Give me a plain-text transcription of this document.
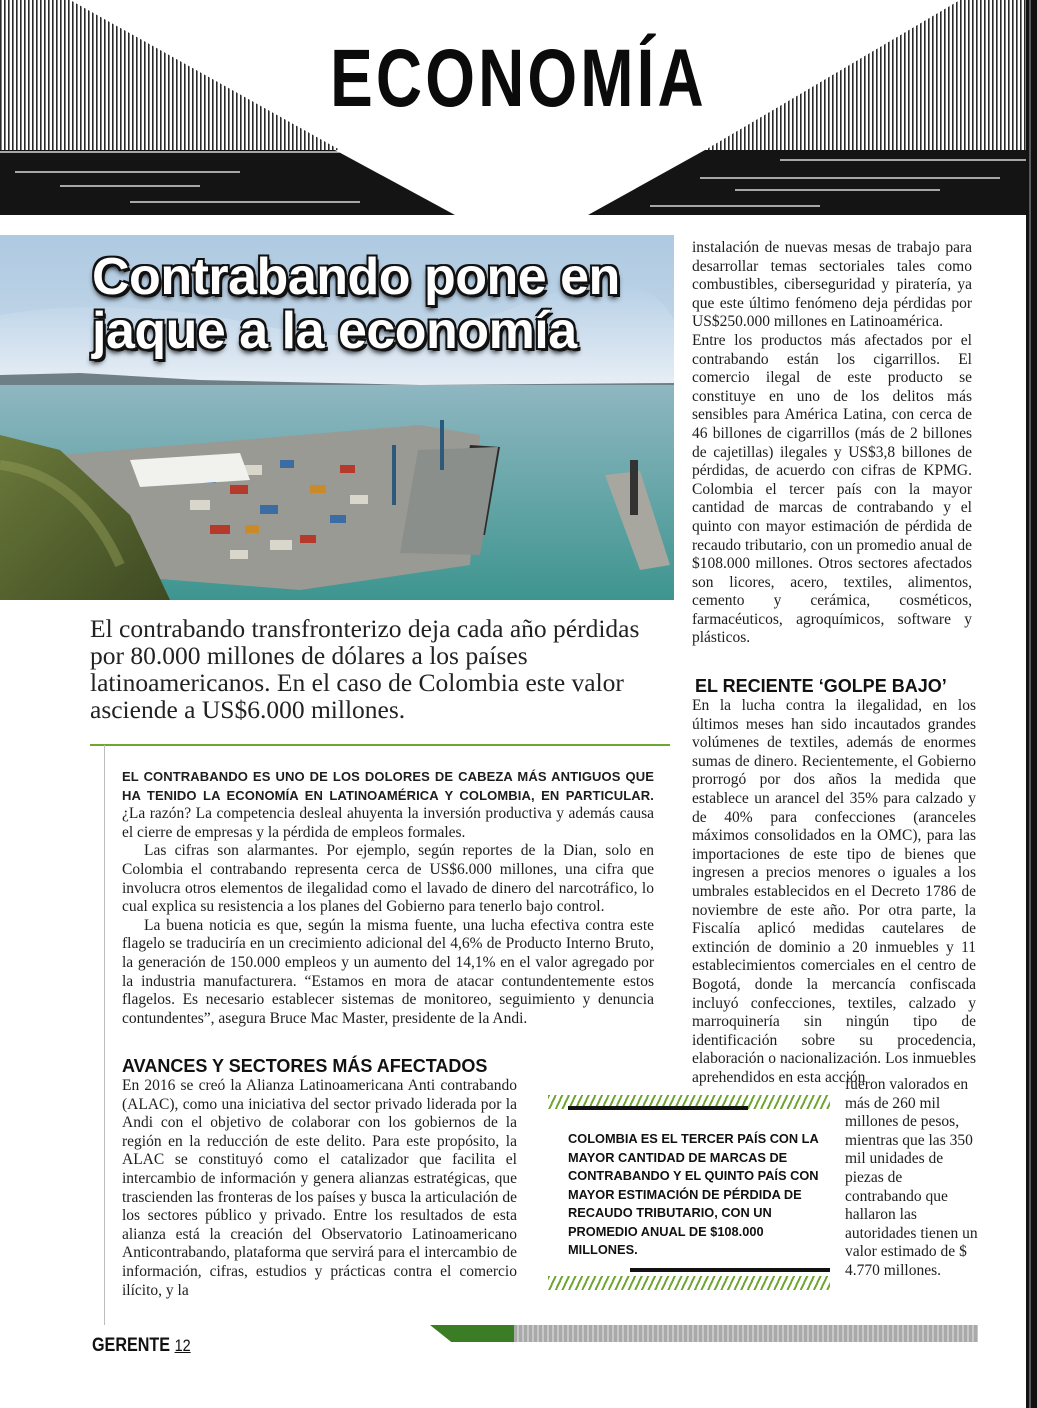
ECONOMÍA
Contrabando pone en jaque a la economía
El contrabando transfronterizo deja cada año pérdidas por 80.000 millones de dólares a los países latinoamericanos. En el caso de Colombia este valor asciende a US$6.000 millones.

EL CONTRABANDO ES UNO DE LOS DOLORES DE CABEZA MÁS ANTIGUOS QUE HA TENIDO LA ECONOMÍA EN LATINOAMÉRICA Y COLOMBIA, EN PARTICULAR. ¿La razón? La competencia desleal ahuyenta la inversión productiva y además causa el cierre de empresas y la pérdida de empleos formales.

Las cifras son alarmantes. Por ejemplo, según reportes de la Dian, solo en Colombia el contrabando representa cerca de US$6.000 millones, una cifra que involucra otros elementos de ilegalidad como el lavado de dinero del narcotráfico, lo cual explica su resistencia a los planes del Gobierno para tenerlo bajo control.

La buena noticia es que, según la misma fuente, una lucha efectiva contra este flagelo se traduciría en un crecimiento adicional del 4,6% de Producto Interno Bruto, la generación de 150.000 empleos y un aumento del 14,1% en el valor agregado por la industria manufacturera. “Estamos en mora de atacar contundentemente estos flagelos. Es necesario establecer sistemas de monitoreo, seguimiento y denuncia contundentes”, asegura Bruce Mac Master, presidente de la Andi.

AVANCES Y SECTORES MÁS AFECTADOS

En 2016 se creó la Alianza Latinoamericana Anti contrabando (ALAC), como una iniciativa del sector privado liderada por la Andi con el objetivo de colaborar con los gobiernos de la región en la reducción de este delito. Para este propósito, la ALAC se constituyó como el catalizador que facilita el intercambio de información y genera alianzas estratégicas, que trascienden las fronteras de los países y busca la articulación de los sectores público y privado. Entre los resultados de esta alianza está la creación del Observatorio Latinoamericano Anticontrabando, plataforma que servirá para el intercambio de información, cifras, estudios y prácticas contra el comercio ilícito, y la

instalación de nuevas mesas de trabajo para desarrollar temas sectoriales tales como combustibles, ciberseguridad y piratería, ya que este último fenómeno deja pérdidas por US$250.000 millones en Latinoamérica.

Entre los productos más afectados por el contrabando están los cigarrillos. El comercio ilegal de este producto se constituye en uno de los delitos más sensibles para América Latina, con cerca de 46 billones de cigarrillos (más de 2 billones de cajetillas) ilegales y US$3,8 billones de pérdidas, de acuerdo con cifras de KPMG. Colombia el tercer país con la mayor cantidad de marcas de contrabando y el quinto con mayor estimación de pérdida de recaudo tributario, con un promedio anual de $108.000 millones. Otros sectores afectados son licores, acero, textiles, alimentos, cemento y cerámica, cosméticos, farmacéuticos, agroquímicos, software y plásticos.

EL RECIENTE ‘GOLPE BAJO’

En la lucha contra la ilegalidad, en los últimos meses han sido incautados grandes volúmenes de textiles, además de enormes sumas de dinero. Recientemente, el Gobierno prorrogó por dos años la medida que establece un arancel del 35% para calzado y de 40% para confecciones (aranceles máximos consolidados en la OMC), para las importaciones de este tipo de bienes que ingresen a precios menores o iguales a los umbrales establecidos en el Decreto 1786 de noviembre de este año. Por otra parte, la Fiscalía aplicó medidas cautelares de extinción de dominio a 20 inmuebles y 11 establecimientos comerciales en el centro de Bogotá, donde la mercancía confiscada incluyó confecciones, textiles, calzado y marroquinería sin ningún tipo de identificación sobre su procedencia, elaboración o nacionalización. Los inmuebles aprehendidos en esta acción

fueron valorados en más de 260 mil millones de pesos, mientras que las 350 mil unidades de piezas de contrabando que hallaron las autoridades tienen un valor estimado de $ 4.770 millones.

COLOMBIA ES EL TERCER PAÍS CON LA MAYOR CANTIDAD DE MARCAS DE CONTRABANDO Y EL QUINTO PAÍS CON MAYOR ESTIMACIÓN DE PÉRDIDA DE RECAUDO TRIBUTARIO, CON UN PROMEDIO ANUAL DE $108.000 MILLONES.
GERENTE 12
